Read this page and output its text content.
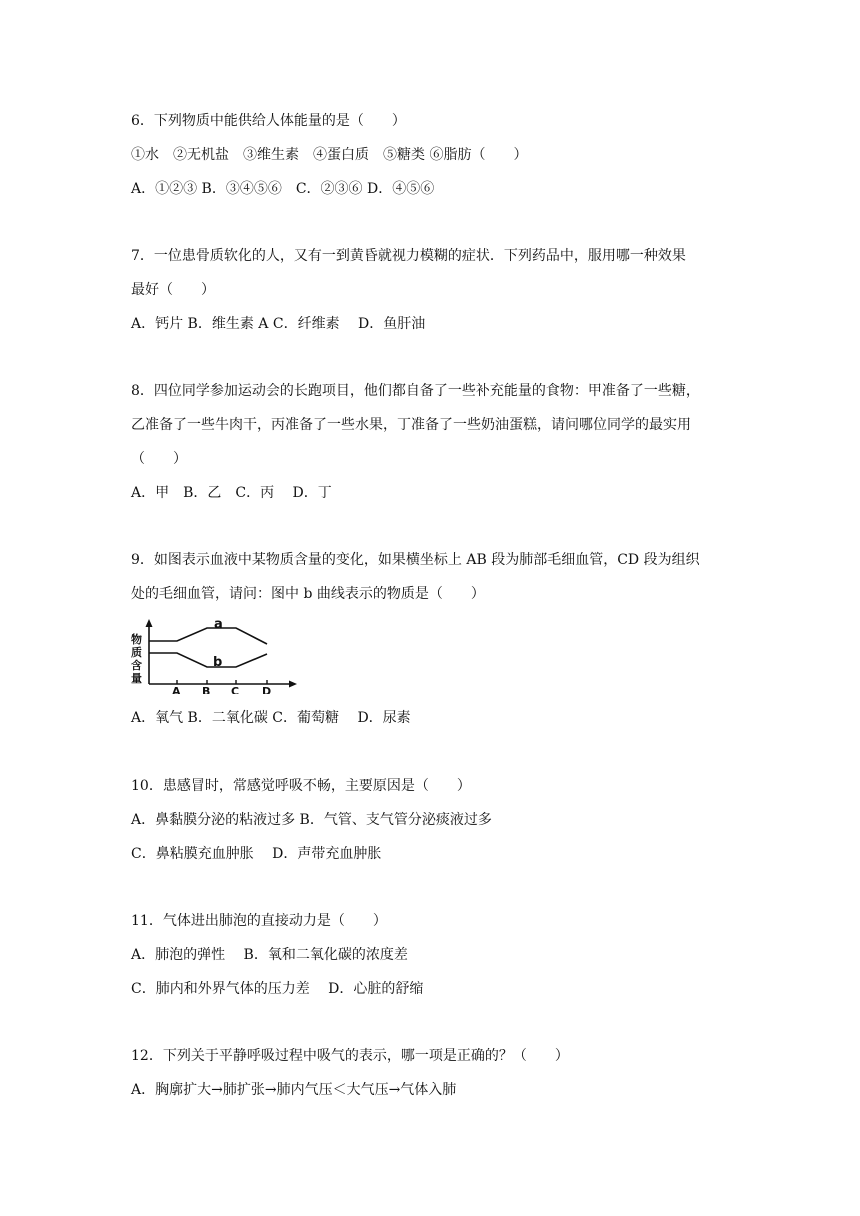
6．下列物质中能供给人体能量的是（　　）
①水　②无机盐　③维生素　④蛋白质　⑤糖类 ⑥脂肪（　　）
A．①②③ B．③④⑤⑥　C．②③⑥ D．④⑤⑥
7．一位患骨质软化的人，又有一到黄昏就视力模糊的症状．下列药品中，服用哪一种效果
最好（　　）
A．钙片 B．维生素 A C．纤维素　 D．鱼肝油
8．四位同学参加运动会的长跑项目，他们都自备了一些补充能量的食物：甲准备了一些糖，
乙准备了一些牛肉干，丙准备了一些水果，丁准备了一些奶油蛋糕，请问哪位同学的最实用
（　　）
A．甲　B．乙　C．丙　 D．丁
9．如图表示血液中某物质含量的变化，如果横坐标上 AB 段为肺部毛细血管，CD 段为组织
处的毛细血管，请问：图中 b 曲线表示的物质是（　　）
物
质
含
量
A B C D
a
b
A．氧气 B．二氧化碳 C．葡萄糖　 D．尿素
10．患感冒时，常感觉呼吸不畅，主要原因是（　　）
A．鼻黏膜分泌的粘液过多 B．气管、支气管分泌痰液过多
C．鼻粘膜充血肿胀　 D．声带充血肿胀
11．气体进出肺泡的直接动力是（　　）
A．肺泡的弹性　 B．氧和二氧化碳的浓度差
C．肺内和外界气体的压力差　 D．心脏的舒缩
12．下列关于平静呼吸过程中吸气的表示，哪一项是正确的？（　　）
A．胸廓扩大→肺扩张→肺内气压＜大气压→气体入肺
